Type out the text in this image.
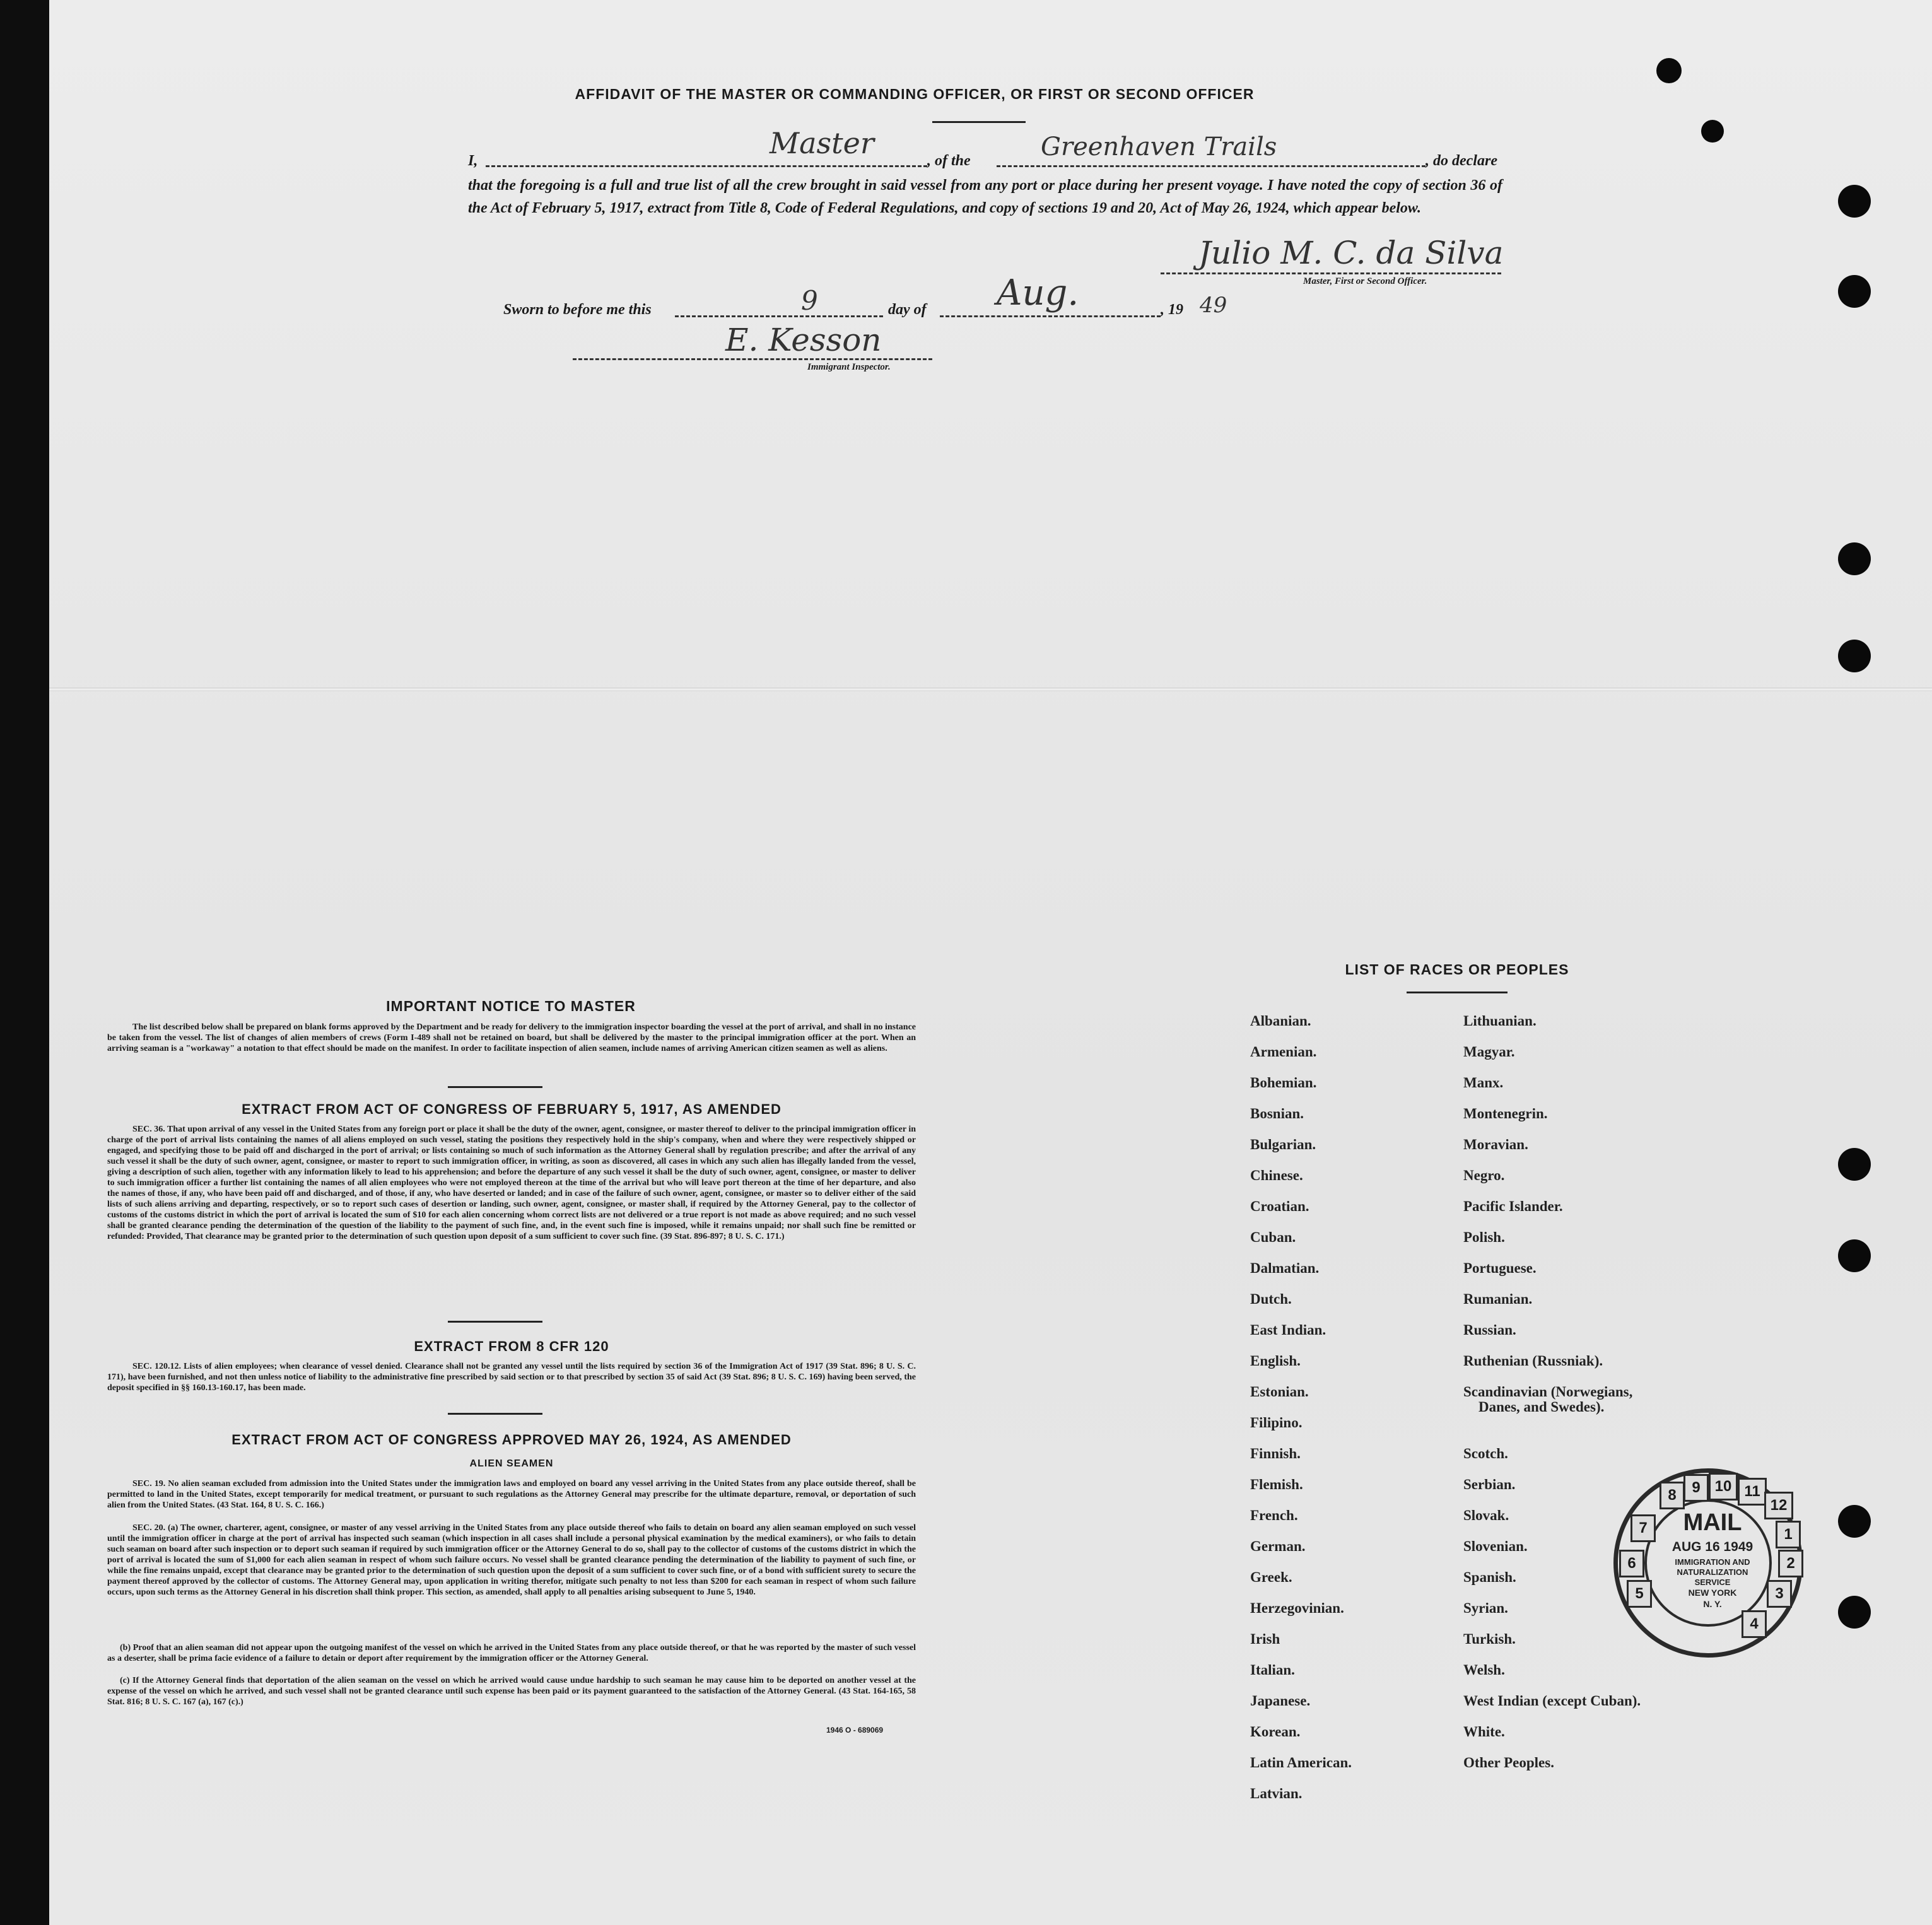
AFFIDAVIT OF THE MASTER OR COMMANDING OFFICER, OR FIRST OR SECOND OFFICER
I,
Master
, of the	Greenhaven Trails	, do declare
that the foregoing is a full and true list of all the crew brought in said vessel from any port or place during her present voyage. I have noted the copy of section 36 of the Act of February 5, 1917, extract from Title 8, Code of Federal Regulations, and copy of sections 19 and 20, Act of May 26, 1924, which appear below.
Julio M. C. da Silva
Master, First or Second Officer.
Sworn to before me this	9	day of Aug.	, 19 49
E. Kesson
Immigrant Inspector.
IMPORTANT NOTICE TO MASTER
The list described below shall be prepared on blank forms approved by the Department and be ready for delivery to the immigration inspector boarding the vessel at the port of arrival, and shall in no instance be taken from the vessel. The list of changes of alien members of crews (Form I-489 shall not be retained on board, but shall be delivered by the master to the principal immigration officer at the port. When an arriving seaman is a "workaway" a notation to that effect should be made on the manifest. In order to facilitate inspection of alien seamen, include names of arriving American citizen seamen as well as aliens.
EXTRACT FROM ACT OF CONGRESS OF FEBRUARY 5, 1917, AS AMENDED
SEC. 36. That upon arrival of any vessel in the United States from any foreign port or place it shall be the duty of the owner, agent, consignee, or master thereof to deliver to the principal immigration officer in charge of the port of arrival lists containing the names of all aliens employed on such vessel, stating the positions they respectively hold in the ship's company, when and where they were respectively shipped or engaged, and specifying those to be paid off and discharged in the port of arrival; or lists containing so much of such information as the Attorney General shall by regulation prescribe; and after the arrival of any such vessel it shall be the duty of such owner, agent, consignee, or master to report to such immigration officer, in writing, as soon as discovered, all cases in which any such alien has illegally landed from the vessel, giving a description of such alien, together with any information likely to lead to his apprehension; and before the departure of any such vessel it shall be the duty of such owner, agent, consignee, or master to deliver to such immigration officer a further list containing the names of all alien employees who were not employed thereon at the time of the arrival but who will leave port thereon at the time of her departure, and also the names of those, if any, who have been paid off and discharged, and of those, if any, who have deserted or landed; and in case of the failure of such owner, agent, consignee, or master so to deliver either of the said lists of such aliens arriving and departing, respectively, or so to report such cases of desertion or landing, such owner, agent, consignee, or master shall, if required by the Attorney General, pay to the collector of customs of the customs district in which the port of arrival is located the sum of $10 for each alien concerning whom correct lists are not delivered or a true report is not made as above required; and no such vessel shall be granted clearance pending the determination of the question of the liability to the payment of such fine, and, in the event such fine is imposed, while it remains unpaid; nor shall such fine be remitted or refunded: Provided, That clearance may be granted prior to the determination of such question upon deposit of a sum sufficient to cover such fine. (39 Stat. 896-897; 8 U. S. C. 171.)
EXTRACT FROM 8 CFR 120
SEC. 120.12. Lists of alien employees; when clearance of vessel denied. Clearance shall not be granted any vessel until the lists required by section 36 of the Immigration Act of 1917 (39 Stat. 896; 8 U. S. C. 171), have been furnished, and not then unless notice of liability to the administrative fine prescribed by said section or to that prescribed by section 35 of said Act (39 Stat. 896; 8 U. S. C. 169) having been served, the deposit specified in §§ 160.13-160.17, has been made.
EXTRACT FROM ACT OF CONGRESS APPROVED MAY 26, 1924, AS AMENDED
ALIEN SEAMEN
SEC. 19. No alien seaman excluded from admission into the United States under the immigration laws and employed on board any vessel arriving in the United States from any place outside thereof, shall be permitted to land in the United States, except temporarily for medical treatment, or pursuant to such regulations as the Attorney General may prescribe for the ultimate departure, removal, or deportation of such alien from the United States. (43 Stat. 164, 8 U. S. C. 166.)
SEC. 20. (a) The owner, charterer, agent, consignee, or master of any vessel arriving in the United States from any place outside thereof who fails to detain on board any alien seaman employed on such vessel until the immigration officer in charge at the port of arrival has inspected such seaman (which inspection in all cases shall include a personal physical examination by the medical examiners), or who fails to detain such seaman on board after such inspection or to deport such seaman if required by such immigration officer or the Attorney General to do so, shall pay to the collector of customs of the customs district in which the port of arrival is located the sum of $1,000 for each alien seaman in respect of whom such failure occurs. No vessel shall be granted clearance pending the determination of the liability to payment of such fine, or while the fine remains unpaid, except that clearance may be granted prior to the determination of such question upon the deposit of a sum sufficient to cover such fine, or of a bond with sufficient surety to secure the payment thereof approved by the collector of customs. The Attorney General may, upon application in writing therefor, mitigate such penalty to not less than $200 for each seaman in respect of whom such failure occurs, upon such terms as the Attorney General in his discretion shall think proper. This section, as amended, shall apply to all penalties arising subsequent to June 5, 1940.
(b) Proof that an alien seaman did not appear upon the outgoing manifest of the vessel on which he arrived in the United States from any place outside thereof, or that he was reported by the master of such vessel as a deserter, shall be prima facie evidence of a failure to detain or deport after requirement by the immigration officer or the Attorney General.
(c) If the Attorney General finds that deportation of the alien seaman on the vessel on which he arrived would cause undue hardship to such seaman he may cause him to be deported on another vessel at the expense of the vessel on which he arrived, and such vessel shall not be granted clearance until such expense has been paid or its payment guaranteed to the satisfaction of the Attorney General. (43 Stat. 164-165, 58 Stat. 816; 8 U. S. C. 167 (a), 167 (c).)
1946 O - 689069
LIST OF RACES OR PEOPLES
Albanian.
Armenian.
Bohemian.
Bosnian.
Bulgarian.
Chinese.
Croatian.
Cuban.
Dalmatian.
Dutch.
East Indian.
English.
Estonian.
Filipino.
Finnish.
Flemish.
French.
German.
Greek.
Herzegovinian.
Irish
Italian.
Japanese.
Korean.
Latin American.
Latvian.
Lithuanian.
Magyar.
Manx.
Montenegrin.
Moravian.
Negro.
Pacific Islander.
Polish.
Portuguese.
Rumanian.
Russian.
Ruthenian (Russniak).
Scandinavian (Norwegians,
Danes, and Swedes).
Scotch.
Serbian.
Slovak.
Slovenian.
Spanish.
Syrian.
Turkish.
Welsh.
West Indian (except Cuban).
White.
Other Peoples.
8	9 10 11
12
1
2
3
4
5
6
7	MAIL
AUG 16 1949
IMMIGRATION AND
NATURALIZATION
SERVICE
NEW YORK
N. Y.
